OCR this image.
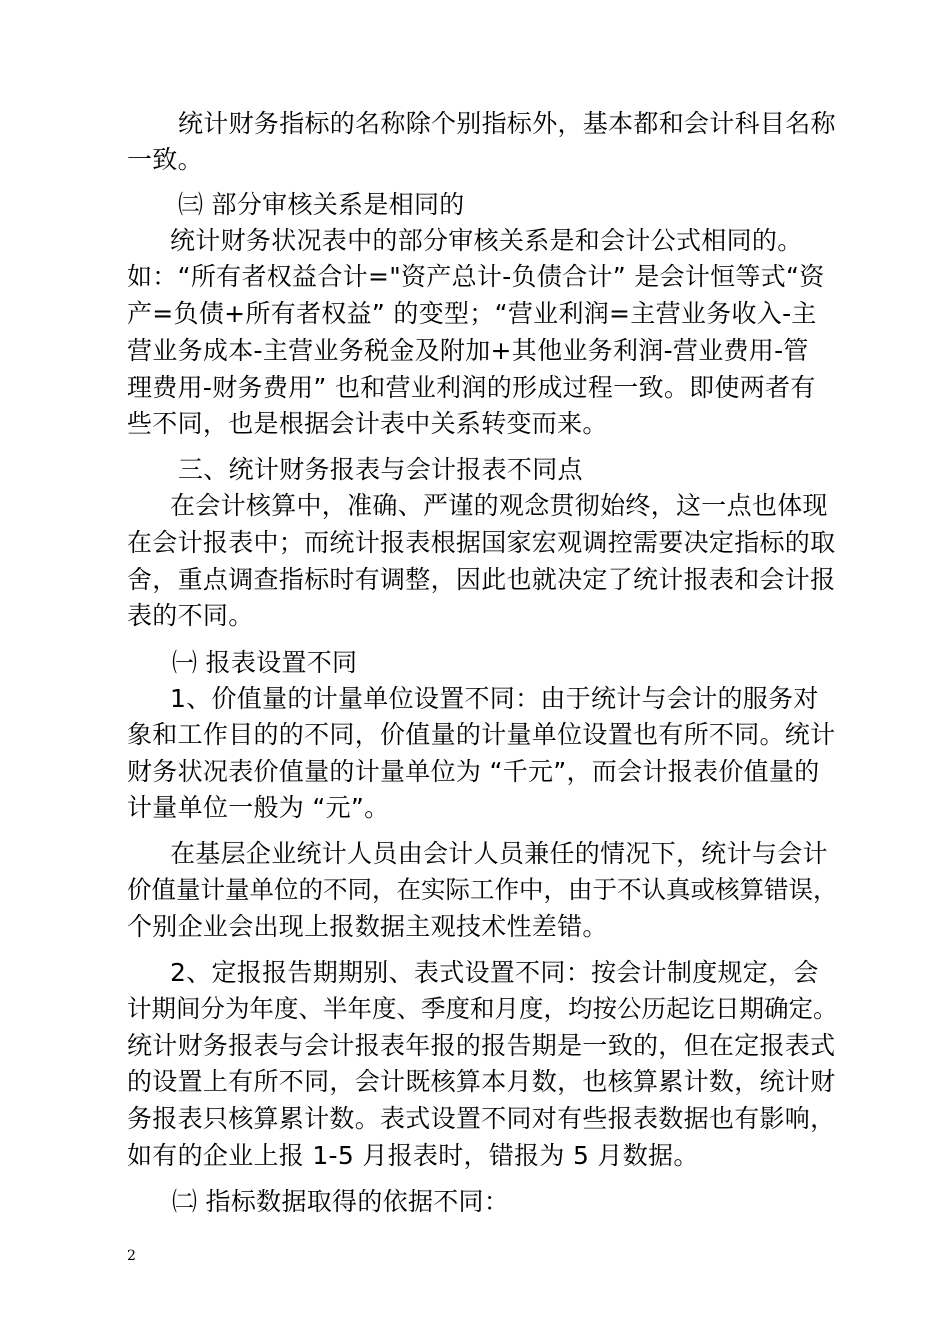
统计财务指标的名称除个别指标外，基本都和会计科目名称
一致。
㈢ 部分审核关系是相同的
统计财务状况表中的部分审核关系是和会计公式相同的。
如：“所有者权益合计="资产总计-负债合计” 是会计恒等式“资
产=负债+所有者权益” 的变型；“营业利润=主营业务收入-主
营业务成本-主营业务税金及附加+其他业务利润-营业费用-管
理费用-财务费用” 也和营业利润的形成过程一致。即使两者有
些不同，也是根据会计表中关系转变而来。
三、统计财务报表与会计报表不同点
在会计核算中，准确、严谨的观念贯彻始终，这一点也体现
在会计报表中；而统计报表根据国家宏观调控需要决定指标的取
舍，重点调查指标时有调整，因此也就决定了统计报表和会计报
表的不同。
㈠ 报表设置不同
1、价值量的计量单位设置不同：由于统计与会计的服务对
象和工作目的的不同，价值量的计量单位设置也有所不同。统计
财务状况表价值量的计量单位为 “千元”，而会计报表价值量的
计量单位一般为 “元”。
在基层企业统计人员由会计人员兼任的情况下，统计与会计
价值量计量单位的不同，在实际工作中，由于不认真或核算错误，
个别企业会出现上报数据主观技术性差错。
2、定报报告期期别、表式设置不同：按会计制度规定，会
计期间分为年度、半年度、季度和月度，均按公历起讫日期确定。
统计财务报表与会计报表年报的报告期是一致的，但在定报表式
的设置上有所不同，会计既核算本月数，也核算累计数，统计财
务报表只核算累计数。表式设置不同对有些报表数据也有影响，
如有的企业上报 1-5 月报表时，错报为 5 月数据。
㈡ 指标数据取得的依据不同：
2
